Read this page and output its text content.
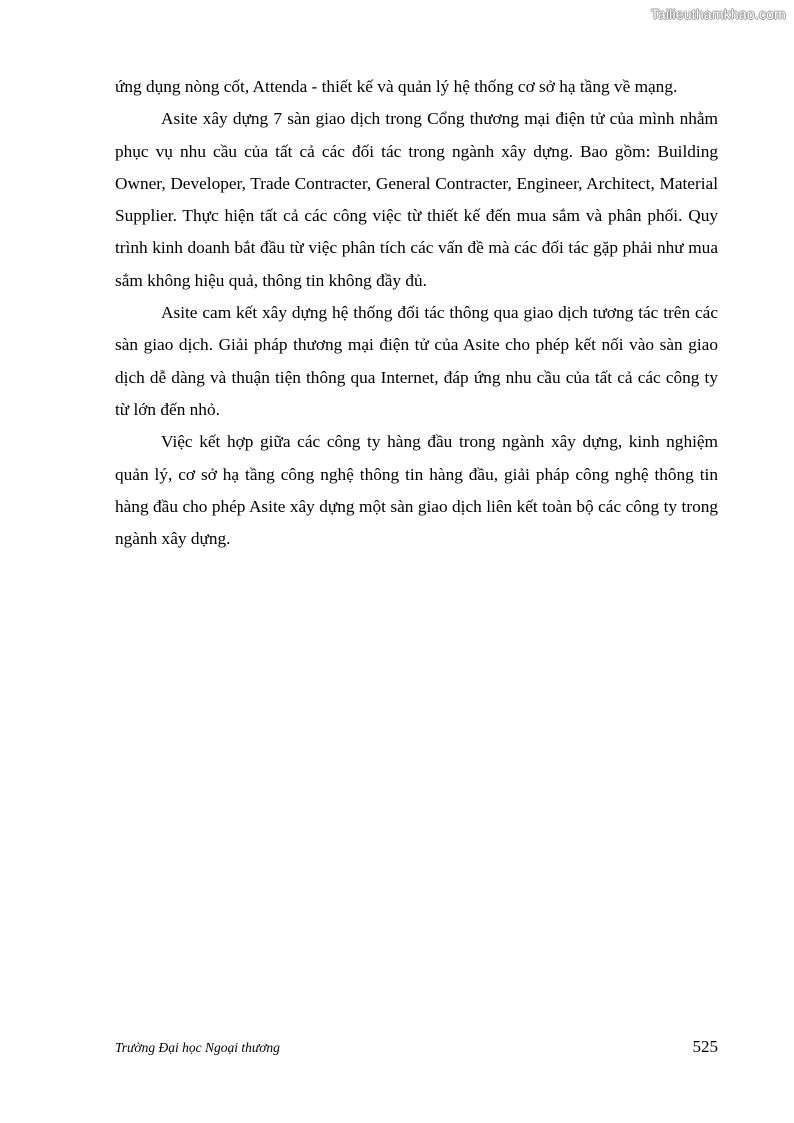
Tailieuthamkhao.com

ứng dụng nòng cốt, Attenda - thiết kế và quản lý hệ thống cơ sở hạ tầng về mạng.

Asite xây dựng 7 sàn giao dịch trong Cổng thương mại điện tử của mình nhằm phục vụ nhu cầu của tất cả các đối tác trong ngành xây dựng. Bao gồm: Building Owner, Developer, Trade Contracter, General Contracter, Engineer, Architect, Material Supplier. Thực hiện tất cả các công việc từ thiết kế đến mua sắm và phân phối. Quy trình kinh doanh bắt đầu từ việc phân tích các vấn đề mà các đối tác gặp phải như mua sắm không hiệu quả, thông tin không đầy đủ.

Asite cam kết xây dựng hệ thống đối tác thông qua giao dịch tương tác trên các sàn giao dịch. Giải pháp thương mại điện tử của Asite cho phép kết nối vào sàn giao dịch dễ dàng và thuận tiện thông qua Internet, đáp ứng nhu cầu của tất cả các công ty từ lớn đến nhỏ.

Việc kết hợp giữa các công ty hàng đầu trong ngành xây dựng, kinh nghiệm quản lý, cơ sở hạ tầng công nghệ thông tin hàng đầu, giải pháp công nghệ thông tin hàng đầu cho phép Asite xây dựng một sàn giao dịch liên kết toàn bộ các công ty trong ngành xây dựng.

Trường Đại học Ngoại thương	525
